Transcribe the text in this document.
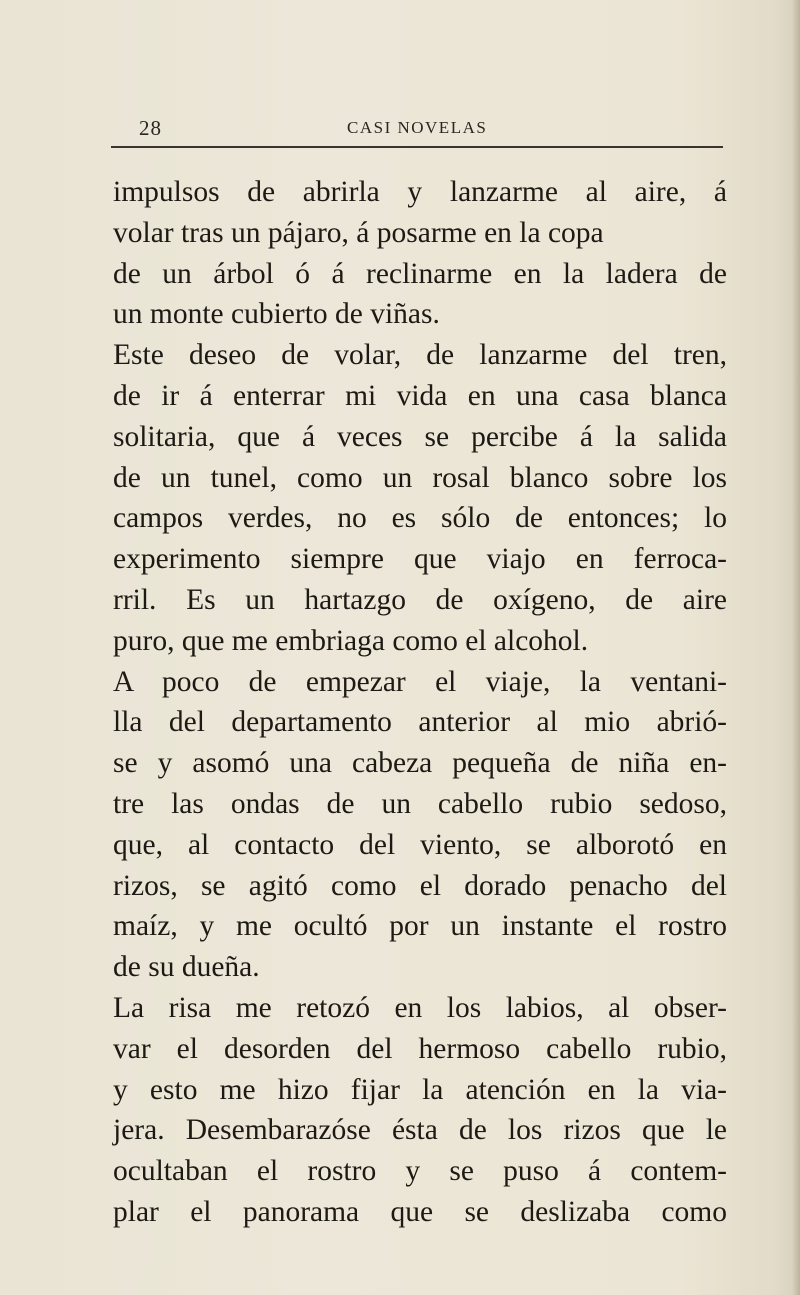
28	CASI NOVELAS
impulsos de abrirla y lanzarme al aire, á
volar tras un pájaro, á posarme en la copa
de un árbol ó á reclinarme en la ladera de
un monte cubierto de viñas.
Este deseo de volar, de lanzarme del tren,
de ir á enterrar mi vida en una casa blanca
solitaria, que á veces se percibe á la salida
de un tunel, como un rosal blanco sobre los
campos verdes, no es sólo de entonces; lo
experimento siempre que viajo en ferroca-
rril. Es un hartazgo de oxígeno, de aire
puro, que me embriaga como el alcohol.
A poco de empezar el viaje, la ventani-
lla del departamento anterior al mio abrió-
se y asomó una cabeza pequeña de niña en-
tre las ondas de un cabello rubio sedoso,
que, al contacto del viento, se alborotó en
rizos, se agitó como el dorado penacho del
maíz, y me ocultó por un instante el rostro
de su dueña.
La risa me retozó en los labios, al obser-
var el desorden del hermoso cabello rubio,
y esto me hizo fijar la atención en la via-
jera. Desembarazóse ésta de los rizos que le
ocultaban el rostro y se puso á contem-
plar el panorama que se deslizaba como
